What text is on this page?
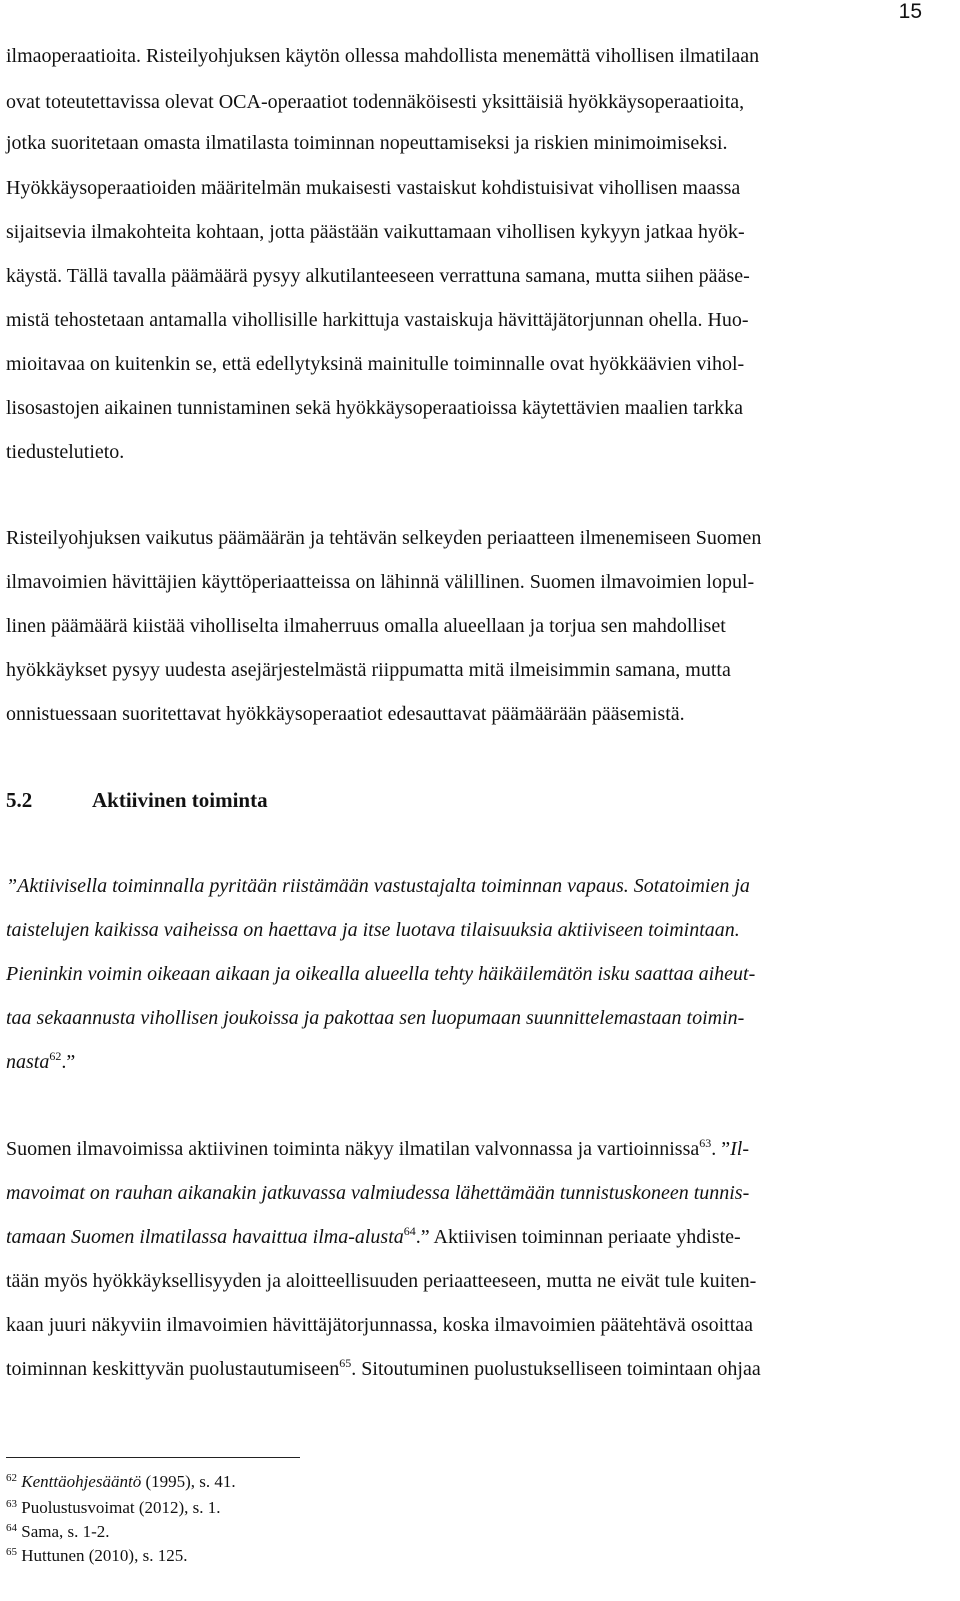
15
ilmaoperaatioita. Risteilyohjuksen käytön ollessa mahdollista menemättä vihollisen ilmatilaan
ovat toteutettavissa olevat OCA-operaatiot todennäköisesti yksittäisiä hyökkäysoperaatioita,
jotka suoritetaan omasta ilmatilasta toiminnan nopeuttamiseksi ja riskien minimoimiseksi.
Hyökkäysoperaatioiden määritelmän mukaisesti vastaiskut kohdistuisivat vihollisen maassa
sijaitsevia ilmakohteita kohtaan, jotta päästään vaikuttamaan vihollisen kykyyn jatkaa hyök-
käystä. Tällä tavalla päämäärä pysyy alkutilanteeseen verrattuna samana, mutta siihen pääse-
mistä tehostetaan antamalla vihollisille harkittuja vastaiskuja hävittäjätorjunnan ohella. Huo-
mioitavaa on kuitenkin se, että edellytyksinä mainitulle toiminnalle ovat hyökkäävien vihol-
lisosastojen aikainen tunnistaminen sekä hyökkäysoperaatioissa käytettävien maalien tarkka
tiedustelutieto.
Risteilyohjuksen vaikutus päämäärän ja tehtävän selkeyden periaatteen ilmenemiseen Suomen
ilmavoimien hävittäjien käyttöperiaatteissa on lähinnä välillinen. Suomen ilmavoimien lopul-
linen päämäärä kiistää viholliselta ilmaherruus omalla alueellaan ja torjua sen mahdolliset
hyökkäykset pysyy uudesta asejärjestelmästä riippumatta mitä ilmeisimmin samana, mutta
onnistuessaan suoritettavat hyökkäysoperaatiot edesauttavat päämäärään pääsemistä.
5.2	Aktiivinen toiminta
”Aktiivisella toiminnalla pyritään riistämään vastustajalta toiminnan vapaus. Sotatoimien ja
taistelujen kaikissa vaiheissa on haettava ja itse luotava tilaisuuksia aktiiviseen toimintaan.
Pieninkin voimin oikeaan aikaan ja oikealla alueella tehty häikäilemätön isku saattaa aiheut-
taa sekaannusta vihollisen joukoissa ja pakottaa sen luopumaan suunnittelemastaan toimin-
nasta$^{62}$.”
Suomen ilmavoimissa aktiivinen toiminta näkyy ilmatilan valvonnassa ja vartioinnissa$^{63}$. ”Il-
mavoimat on rauhan aikanakin jatkuvassa valmiudessa lähettämään tunnistuskoneen tunnis-
tamaan Suomen ilmatilassa havaittua ilma-alusta$^{64}$.” Aktiivisen toiminnan periaate yhdiste-
tään myös hyökkäyksellisyyden ja aloitteellisuuden periaatteeseen, mutta ne eivät tule kuiten-
kaan juuri näkyviin ilmavoimien hävittäjätorjunnassa, koska ilmavoimien päätehtävä osoittaa
toiminnan keskittyvän puolustautumiseen$^{65}$. Sitoutuminen puolustukselliseen toimintaan ohjaa
$^{62}$ Kenttäohjesääntö (1995), s. 41.
$^{63}$ Puolustusvoimat (2012), s. 1.
$^{64}$ Sama, s. 1-2.
$^{65}$ Huttunen (2010), s. 125.
